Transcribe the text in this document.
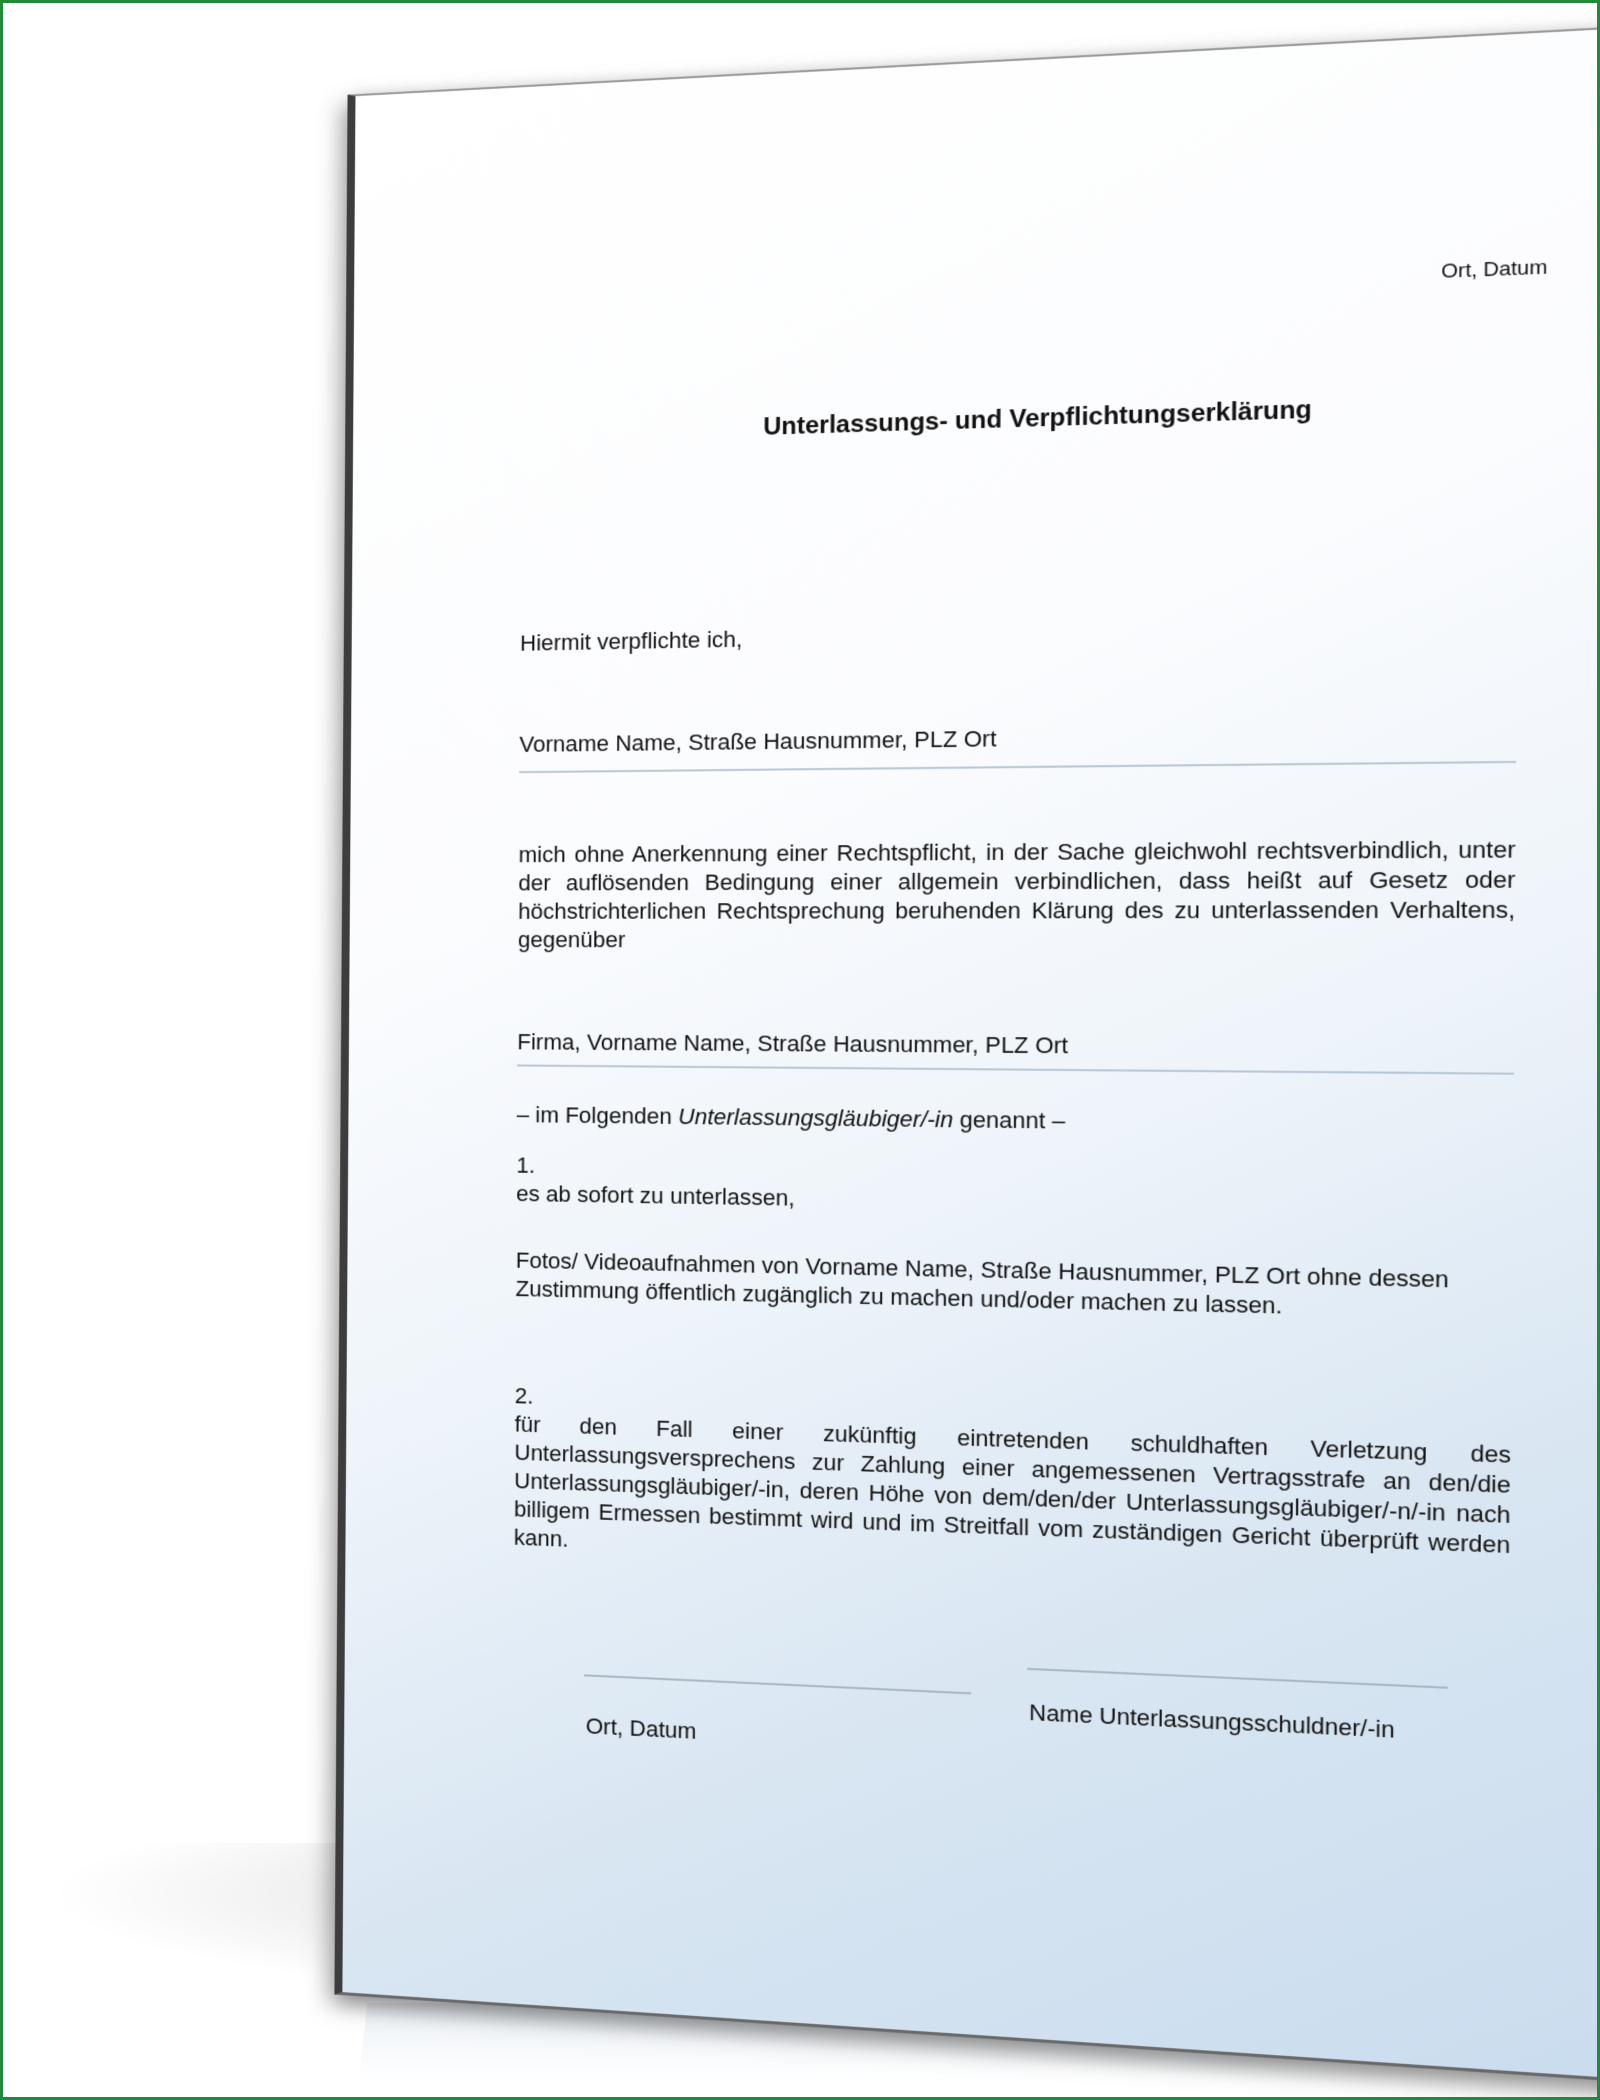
Ort, Datum
Unterlassungs- und Verpflichtungserklärung
Hiermit verpflichte ich,
Vorname Name, Straße Hausnummer, PLZ Ort
mich ohne Anerkennung einer Rechtspflicht, in der Sache gleichwohl rechtsverbindlich, unter der auflösenden Bedingung einer allgemein verbindlichen, dass heißt auf Gesetz oder höchstrichterlichen Rechtsprechung beruhenden Klärung des zu unterlassenden Verhaltens, gegenüber
Firma, Vorname Name, Straße Hausnummer, PLZ Ort
– im Folgenden Unterlassungsgläubiger/-in genannt –
1.
es ab sofort zu unterlassen,
Fotos/ Videoaufnahmen von Vorname Name, Straße Hausnummer, PLZ Ort ohne dessen Zustimmung öffentlich zugänglich zu machen und/oder machen zu lassen.
2.
für den Fall einer zukünftig eintretenden schuldhaften Verletzung des Unterlassungsversprechens zur Zahlung einer angemessenen Vertragsstrafe an den/die Unterlassungsgläubiger/-in, deren Höhe von dem/den/der Unterlassungsgläubiger/-n/-in nach billigem Ermessen bestimmt wird und im Streitfall vom zuständigen Gericht überprüft werden kann.
Ort, Datum	Name Unterlassungsschuldner/-in
